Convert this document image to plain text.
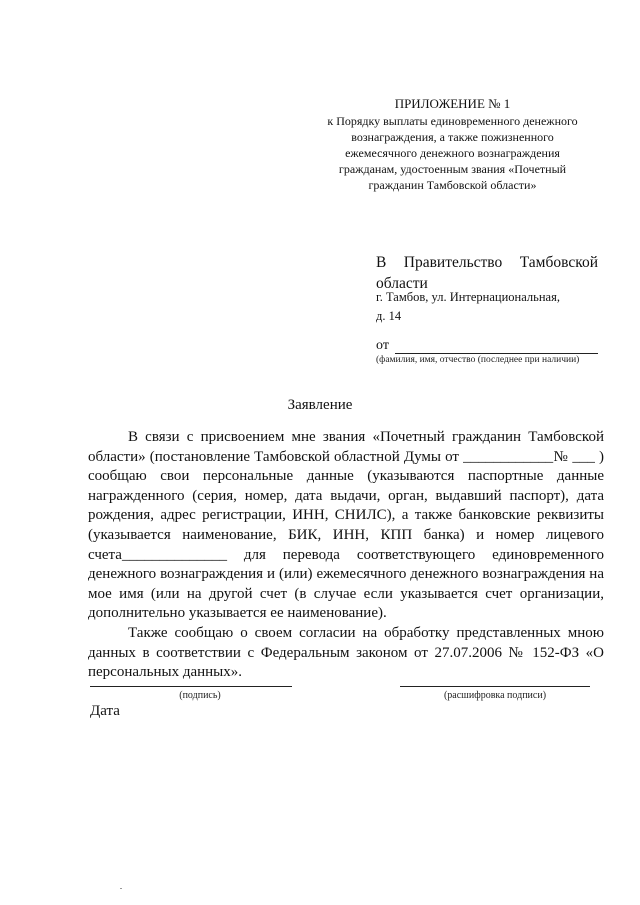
ПРИЛОЖЕНИЕ № 1
к Порядку выплаты единовременного денежного
вознаграждения, а также пожизненного
ежемесячного денежного вознаграждения
гражданам, удостоенным звания «Почетный
гражданин Тамбовской области»
В Правительство Тамбовской
области
г. Тамбов, ул. Интернациональная,
д. 14
от
(фамилия, имя, отчество (последнее при наличии)
Заявление

В связи с присвоением мне звания «Почетный гражданин Тамбовской области» (постановление Тамбовской областной Думы от ____________№ ___ ) сообщаю свои персональные данные (указываются паспортные данные награжденного (серия, номер, дата выдачи, орган, выдавший паспорт), дата рождения, адрес регистрации, ИНН, СНИЛС), а также банковские реквизиты (указывается наименование, БИК, ИНН, КПП банка) и номер лицевого счета______________ для перевода соответствующего единовременного денежного вознаграждения и (или) ежемесячного денежного вознаграждения на мое имя (или на другой счет (в случае если указывается счет организации, дополнительно указывается ее наименование).

Также сообщаю о своем согласии на обработку представленных мною данных в соответствии с Федеральным законом от 27.07.2006 № 152-ФЗ «О персональных данных».

(подпись)	(расшифровка подписи)
Дата
